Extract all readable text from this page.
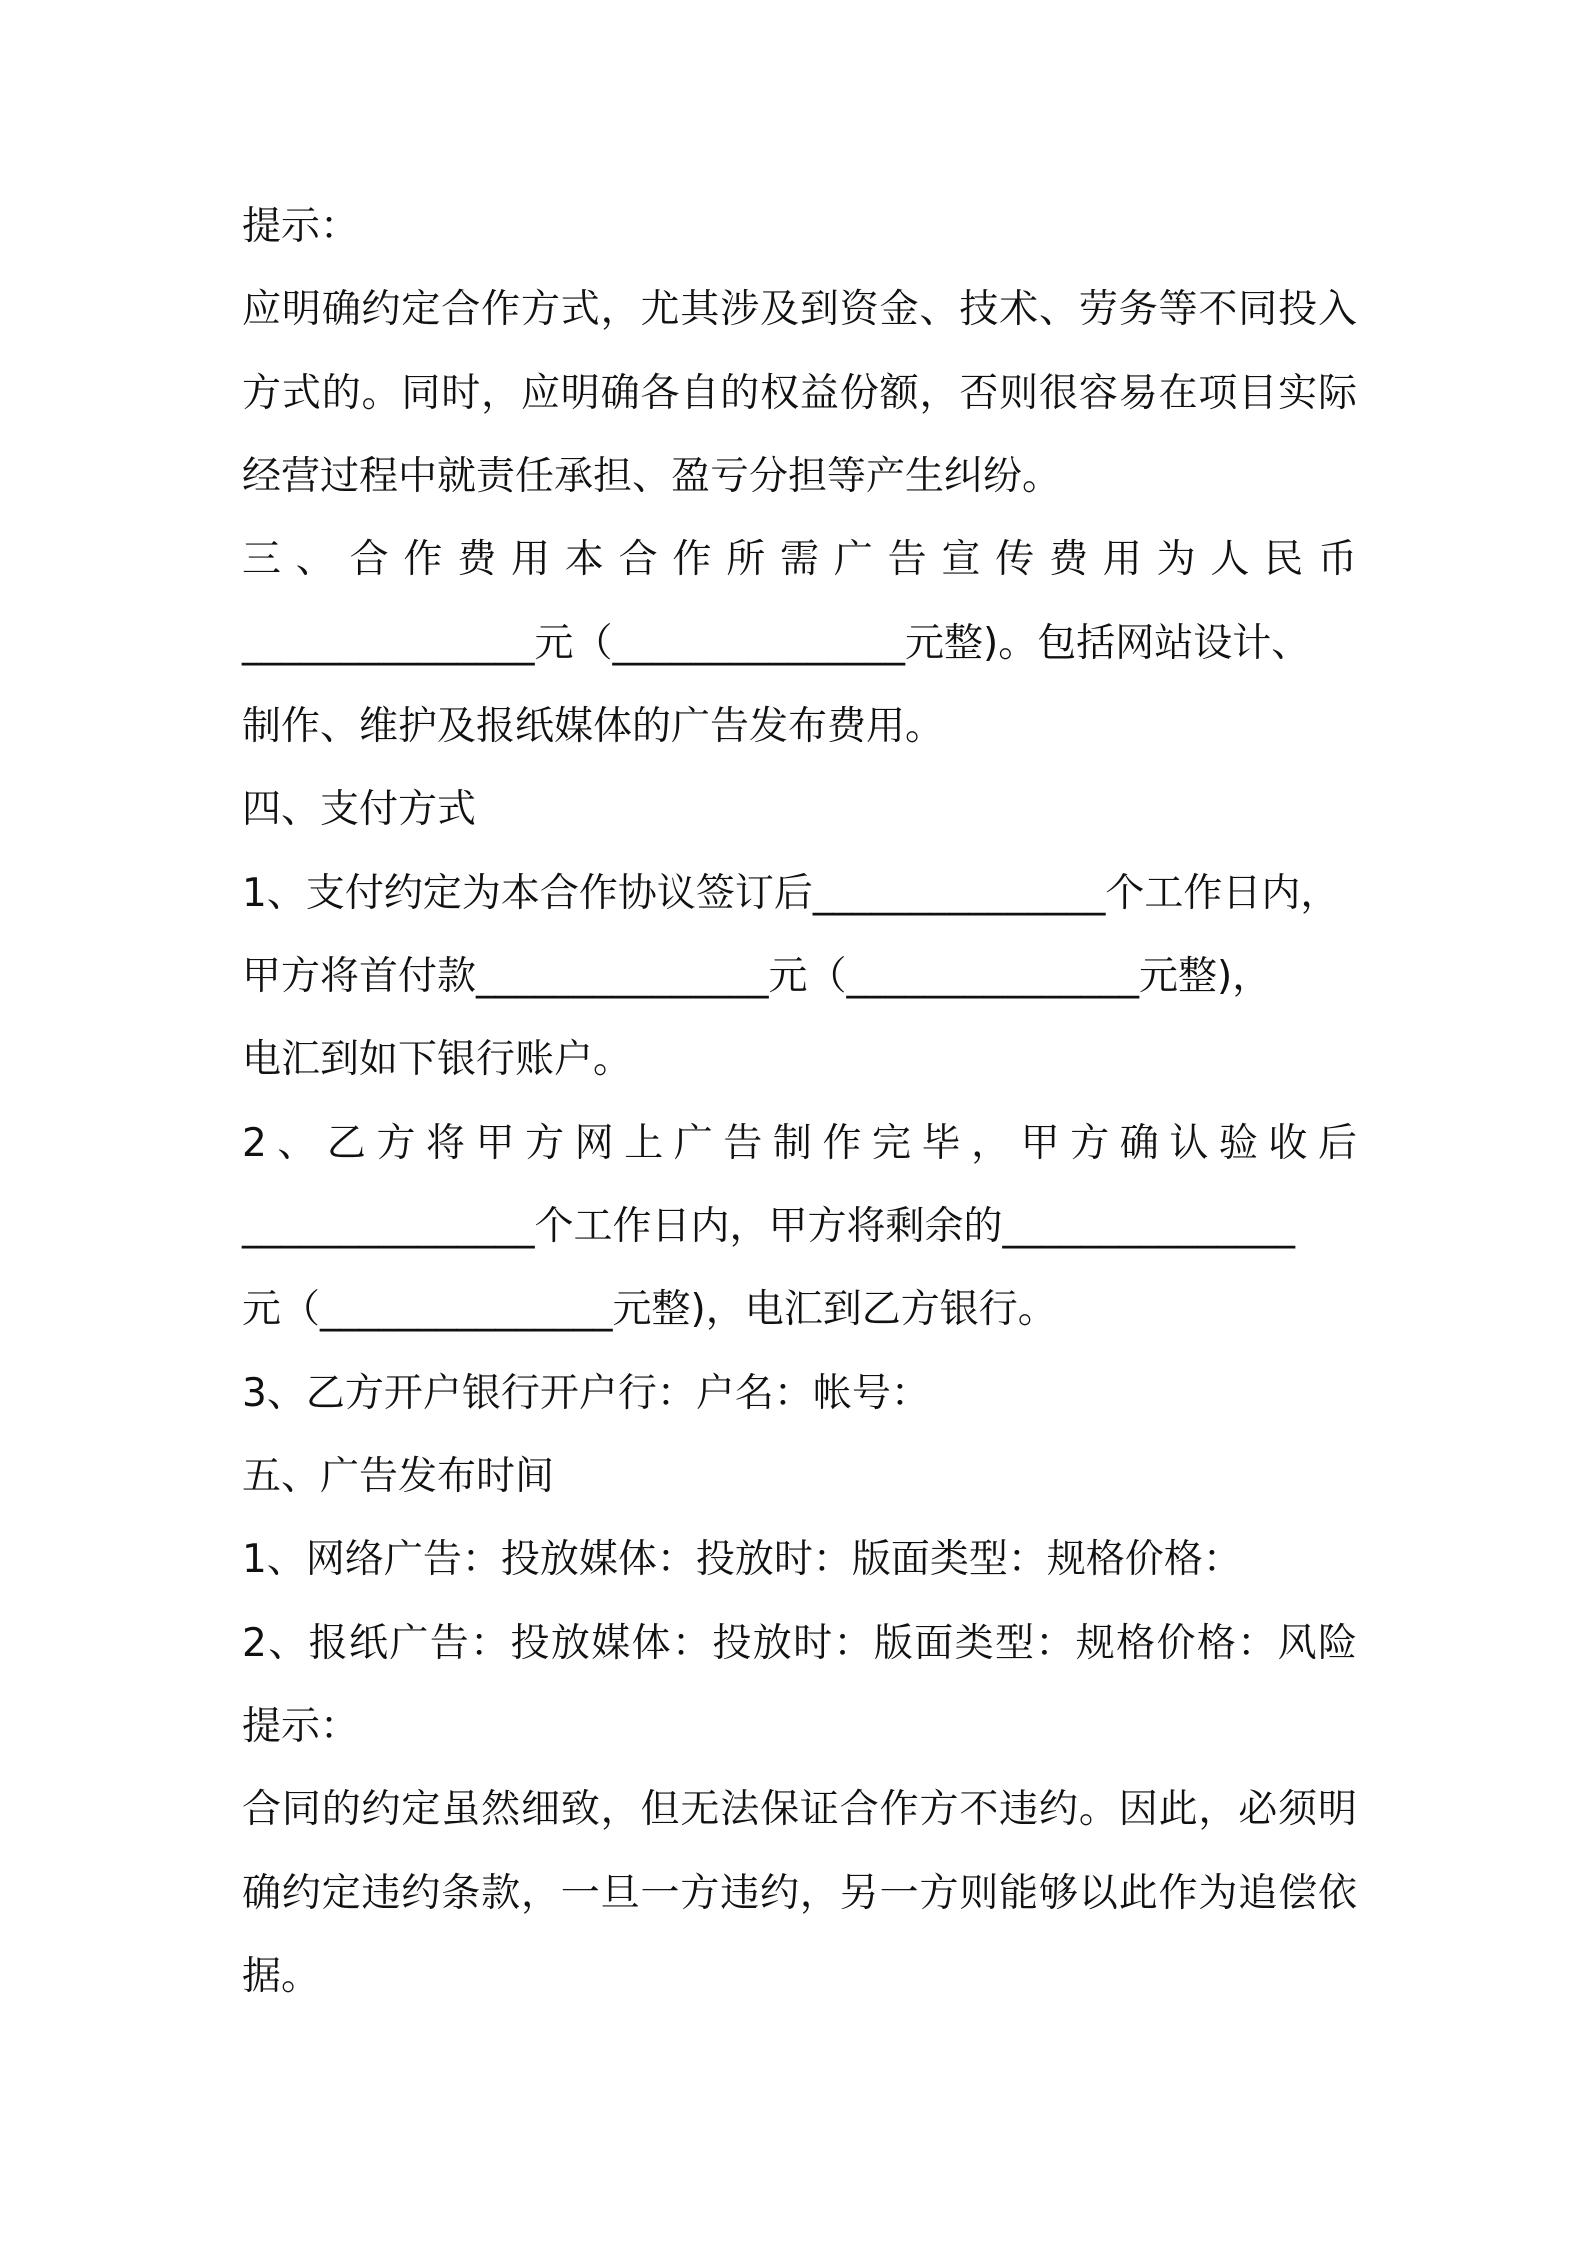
提示：
应明确约定合作方式，尤其涉及到资金、技术、劳务等不同投入
方式的。同时，应明确各自的权益份额，否则很容易在项目实际
经营过程中就责任承担、盈亏分担等产生纠纷。
三、合作费用本合作所需广告宣传费用为人民币
_______________元（_______________元整)。包括网站设计、
制作、维护及报纸媒体的广告发布费用。
四、支付方式
1、支付约定为本合作协议签订后_______________个工作日内，
甲方将首付款_______________元（_______________元整)，
电汇到如下银行账户。
2、乙方将甲方网上广告制作完毕，甲方确认验收后
_______________个工作日内，甲方将剩余的_______________
元（_______________元整)，电汇到乙方银行。
3、乙方开户银行开户行：户名：帐号：
五、广告发布时间
1、网络广告：投放媒体：投放时：版面类型：规格价格：
2、报纸广告：投放媒体：投放时：版面类型：规格价格：风险
提示：
合同的约定虽然细致，但无法保证合作方不违约。因此，必须明
确约定违约条款，一旦一方违约，另一方则能够以此作为追偿依
据。
